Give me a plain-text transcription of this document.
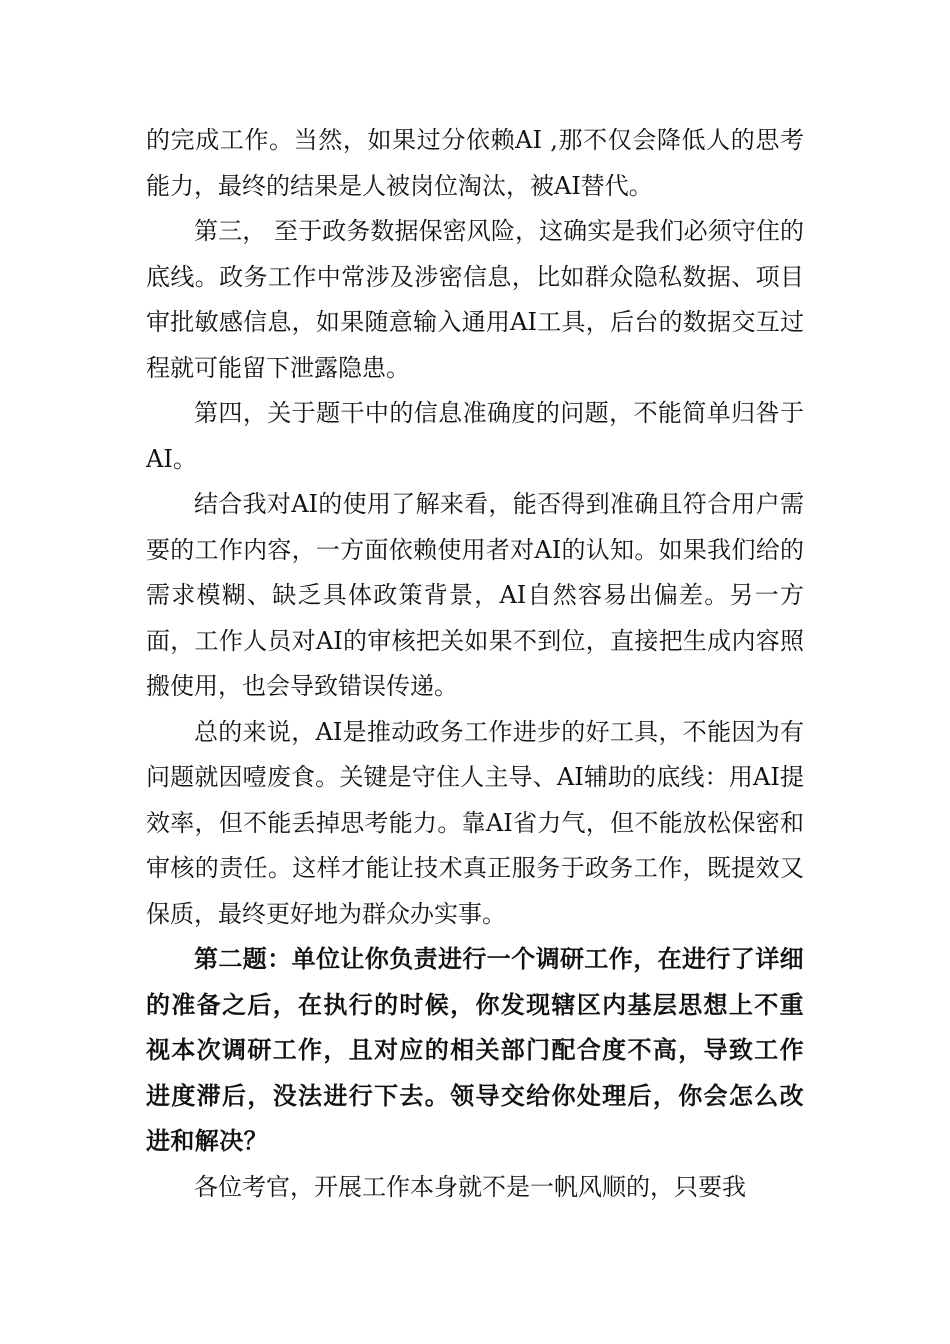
的完成工作。当然，如果过分依赖AI ,那不仅会降低人的思考能力，最终的结果是人被岗位淘汰，被AI替代。

第三， 至于政务数据保密风险，这确实是我们必须守住的底线。政务工作中常涉及涉密信息，比如群众隐私数据、项目审批敏感信息，如果随意输入通用AI工具，后台的数据交互过程就可能留下泄露隐患。

第四，关于题干中的信息准确度的问题，不能简单归咎于AI。

结合我对AI的使用了解来看，能否得到准确且符合用户需要的工作内容，一方面依赖使用者对AI的认知。如果我们给的需求模糊、缺乏具体政策背景，AI自然容易出偏差。另一方面，工作人员对AI的审核把关如果不到位，直接把生成内容照搬使用，也会导致错误传递。

总的来说，AI是推动政务工作进步的好工具，不能因为有问题就因噎废食。关键是守住人主导、AI辅助的底线：用AI提效率，但不能丢掉思考能力。靠AI省力气，但不能放松保密和审核的责任。这样才能让技术真正服务于政务工作，既提效又保质，最终更好地为群众办实事。

第二题：单位让你负责进行一个调研工作，在进行了详细的准备之后，在执行的时候，你发现辖区内基层思想上不重视本次调研工作，且对应的相关部门配合度不高，导致工作进度滞后，没法进行下去。领导交给你处理后，你会怎么改进和解决？

各位考官，开展工作本身就不是一帆风顺的，只要我
